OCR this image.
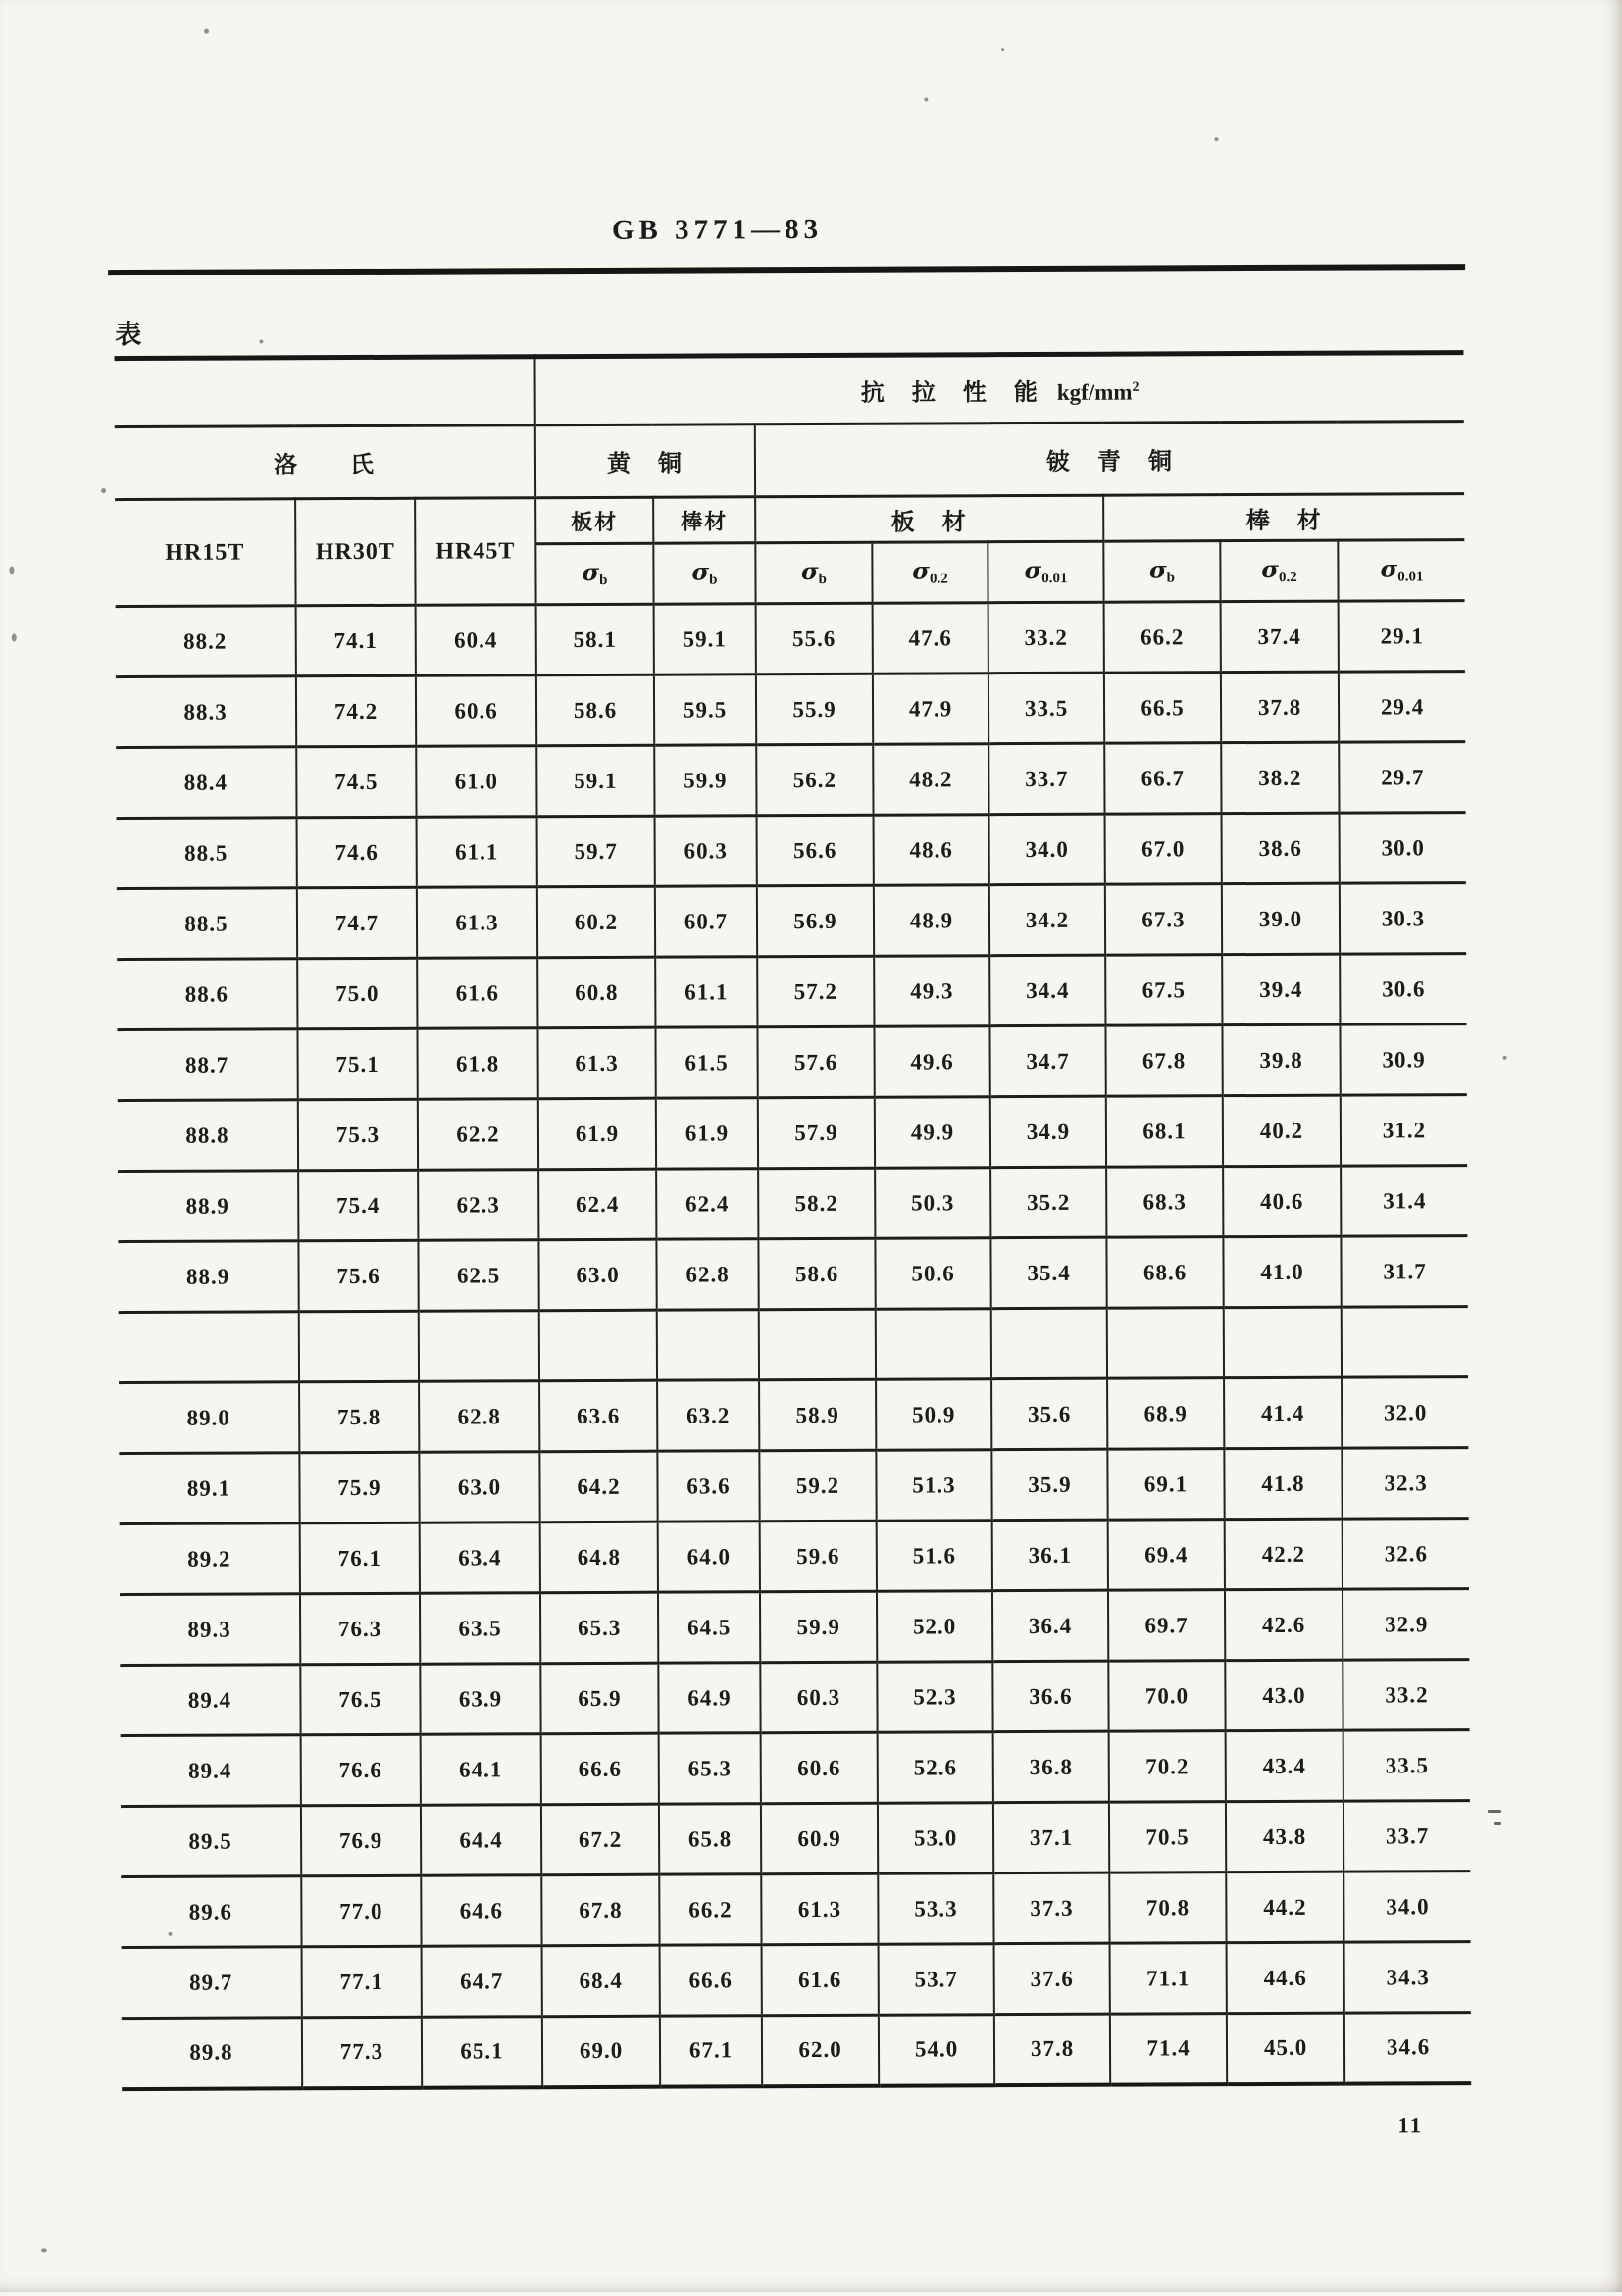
GB 3771—83
表
			抗　拉　性　能 kgf/$mm^2$
洛　　氏			黄　铜		铍　青　铜					
HR15T	HR30T	HR45T	板材	棒材	板　材			棒　材		
			$\sigma_b$	$\sigma_b$	$\sigma_b$	$\sigma_{0.2}$	$\sigma_{0.01}$	$\sigma_b$	$\sigma_{0.2}$	$\sigma_{0.01}$
88.2	74.1	60.4	58.1	59.1	55.6	47.6	33.2	66.2	37.4	29.1
88.3	74.2	60.6	58.6	59.5	55.9	47.9	33.5	66.5	37.8	29.4
88.4	74.5	61.0	59.1	59.9	56.2	48.2	33.7	66.7	38.2	29.7
88.5	74.6	61.1	59.7	60.3	56.6	48.6	34.0	67.0	38.6	30.0
88.5	74.7	61.3	60.2	60.7	56.9	48.9	34.2	67.3	39.0	30.3
88.6	75.0	61.6	60.8	61.1	57.2	49.3	34.4	67.5	39.4	30.6
88.7	75.1	61.8	61.3	61.5	57.6	49.6	34.7	67.8	39.8	30.9
88.8	75.3	62.2	61.9	61.9	57.9	49.9	34.9	68.1	40.2	31.2
88.9	75.4	62.3	62.4	62.4	58.2	50.3	35.2	68.3	40.6	31.4
88.9	75.6	62.5	63.0	62.8	58.6	50.6	35.4	68.6	41.0	31.7

89.0	75.8	62.8	63.6	63.2	58.9	50.9	35.6	68.9	41.4	32.0
89.1	75.9	63.0	64.2	63.6	59.2	51.3	35.9	69.1	41.8	32.3
89.2	76.1	63.4	64.8	64.0	59.6	51.6	36.1	69.4	42.2	32.6
89.3	76.3	63.5	65.3	64.5	59.9	52.0	36.4	69.7	42.6	32.9
89.4	76.5	63.9	65.9	64.9	60.3	52.3	36.6	70.0	43.0	33.2
89.4	76.6	64.1	66.6	65.3	60.6	52.6	36.8	70.2	43.4	33.5
89.5	76.9	64.4	67.2	65.8	60.9	53.0	37.1	70.5	43.8	33.7
89.6	77.0	64.6	67.8	66.2	61.3	53.3	37.3	70.8	44.2	34.0
89.7	77.1	64.7	68.4	66.6	61.6	53.7	37.6	71.1	44.6	34.3
89.8	77.3	65.1	69.0	67.1	62.0	54.0	37.8	71.4	45.0	34.6
11
